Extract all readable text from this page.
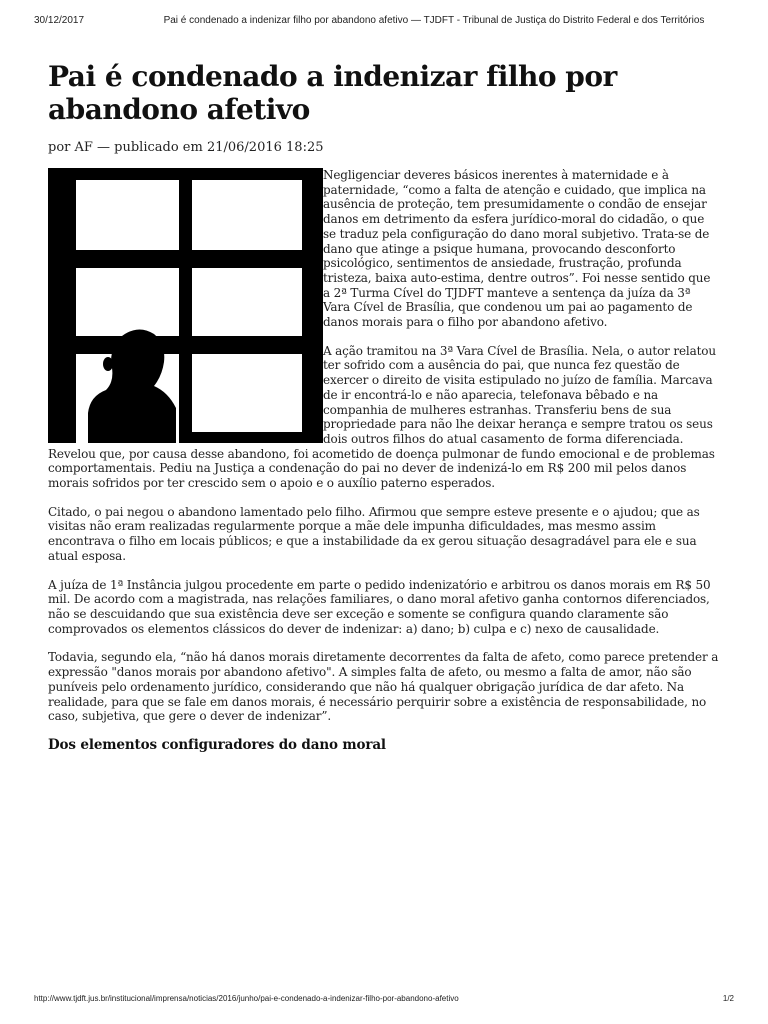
30/12/2017	Pai é condenado a indenizar filho por abandono afetivo — TJDFT - Tribunal de Justiça do Distrito Federal e dos Territórios
Pai é condenado a indenizar filho por abandono afetivo
por AF — publicado em 21/06/2016 18:25

Negligenciar deveres básicos inerentes à maternidade e à paternidade, “como a falta de atenção e cuidado, que implica na ausência de proteção, tem presumidamente o condão de ensejar danos em detrimento da esfera jurídico-moral do cidadão, o que se traduz pela configuração do dano moral subjetivo. Trata-se de dano que atinge a psique humana, provocando desconforto psicológico, sentimentos de ansiedade, frustração, profunda tristeza, baixa auto-estima, dentre outros”. Foi nesse sentido que a 2ª Turma Cível do TJDFT manteve a sentença da juíza da 3ª Vara Cível de Brasília, que condenou um pai ao pagamento de danos morais para o filho por abandono afetivo.

A ação tramitou na 3ª Vara Cível de Brasília. Nela, o autor relatou ter sofrido com a ausência do pai, que nunca fez questão de exercer o direito de visita estipulado no juízo de família. Marcava de ir encontrá-lo e não aparecia, telefonava bêbado e na companhia de mulheres estranhas. Transferiu bens de sua propriedade para não lhe deixar herança e sempre tratou os seus dois outros filhos do atual casamento de forma diferenciada. Revelou que, por causa desse abandono, foi acometido de doença pulmonar de fundo emocional e de problemas comportamentais. Pediu na Justiça a condenação do pai no dever de indenizá-lo em R$ 200 mil pelos danos morais sofridos por ter crescido sem o apoio e o auxílio paterno esperados.

Citado, o pai negou o abandono lamentado pelo filho. Afirmou que sempre esteve presente e o ajudou; que as visitas não eram realizadas regularmente porque a mãe dele impunha dificuldades, mas mesmo assim encontrava o filho em locais públicos; e que a instabilidade da ex gerou situação desagradável para ele e sua atual esposa.

A juíza de 1ª Instância julgou procedente em parte o pedido indenizatório e arbitrou os danos morais em R$ 50 mil. De acordo com a magistrada, nas relações familiares, o dano moral afetivo ganha contornos diferenciados, não se descuidando que sua existência deve ser exceção e somente se configura quando claramente são comprovados os elementos clássicos do dever de indenizar: a) dano; b) culpa e c) nexo de causalidade.

Todavia, segundo ela, “não há danos morais diretamente decorrentes da falta de afeto, como parece pretender a expressão "danos morais por abandono afetivo". A simples falta de afeto, ou mesmo a falta de amor, não são puníveis pelo ordenamento jurídico, considerando que não há qualquer obrigação jurídica de dar afeto. Na realidade, para que se fale em danos morais, é necessário perquirir sobre a existência de responsabilidade, no caso, subjetiva, que gere o dever de indenizar”.

Dos elementos configuradores do dano moral
http://www.tjdft.jus.br/institucional/imprensa/noticias/2016/junho/pai-e-condenado-a-indenizar-filho-por-abandono-afetivo	1/2
